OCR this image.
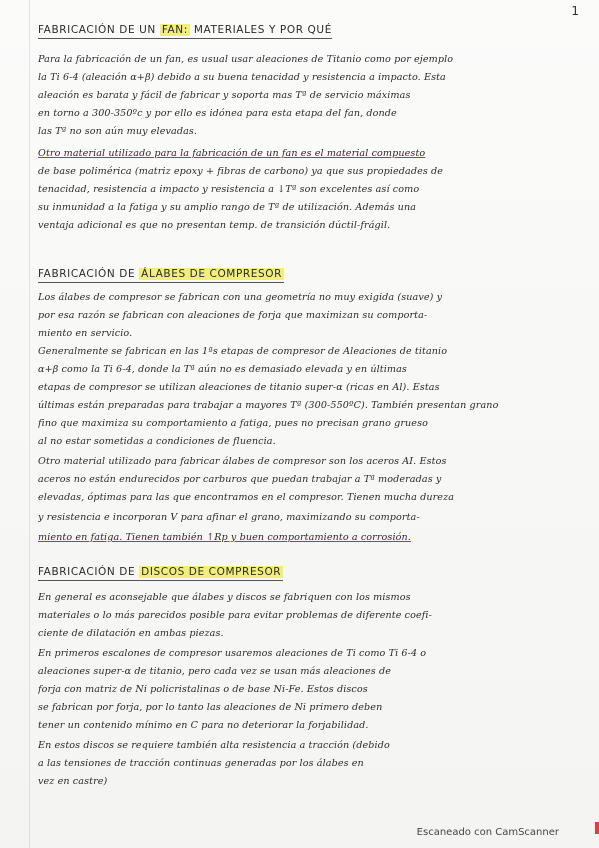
1
FABRICACIÓN DE UN FAN: MATERIALES Y POR QUÉ
Para la fabricación de un fan, es usual usar aleaciones de Titanio como por ejemplo
la Ti 6-4 (aleación α+β) debido a su buena tenacidad y resistencia a impacto. Esta
aleación es barata y fácil de fabricar y soporta mas Tª de servicio máximas
en torno a 300-350ºc y por ello es idónea para esta etapa del fan, donde
las Tª no son aún muy elevadas.
Otro material utilizado para la fabricación de un fan es el material compuesto
de base polimérica (matriz epoxy + fibras de carbono) ya que sus propiedades de
tenacidad, resistencia a impacto y resistencia a ↓Tª son excelentes así como
su inmunidad a la fatiga y su amplio rango de Tª de utilización. Además una
ventaja adicional es que no presentan temp. de transición dúctil-frágil.
FABRICACIÓN DE ÁLABES DE COMPRESOR
Los álabes de compresor se fabrican con una geometría no muy exigida (suave) y
por esa razón se fabrican con aleaciones de forja que maximizan su comporta-
miento en servicio.
Generalmente se fabrican en las 1ªs etapas de compresor de Aleaciones de titanio
α+β como la Ti 6-4, donde la Tª aún no es demasiado elevada y en últimas
etapas de compresor se utilizan aleaciones de titanio super-α (ricas en Al). Estas
últimas están preparadas para trabajar a mayores Tª (300-550ºC). También presentan grano
fino que maximiza su comportamiento a fatiga, pues no precisan grano grueso
al no estar sometidas a condiciones de fluencia.
Otro material utilizado para fabricar álabes de compresor son los aceros AI. Estos
aceros no están endurecidos por carburos que puedan trabajar a Tª moderadas y
elevadas, óptimas para las que encontramos en el compresor. Tienen mucha dureza
y resistencia e incorporan V para afinar el grano, maximizando su comporta-
miento en fatiga. Tienen también ↑Rp y buen comportamiento a corrosión.
FABRICACIÓN DE DISCOS DE COMPRESOR
En general es aconsejable que álabes y discos se fabriquen con los mismos
materiales o lo más parecidos posible para evitar problemas de diferente coefi-
ciente de dilatación en ambas piezas.
En primeros escalones de compresor usaremos aleaciones de Ti como Ti 6-4 o
aleaciones super-α de titanio, pero cada vez se usan más aleaciones de
forja con matriz de Ni policristalinas o de base Ni-Fe. Estos discos
se fabrican por forja, por lo tanto las aleaciones de Ni primero deben
tener un contenido mínimo en C para no deteriorar la forjabilidad.
En estos discos se requiere también alta resistencia a tracción (debido
a las tensiones de tracción continuas generadas por los álabes en
vez en castre)
Escaneado con CamScanner
